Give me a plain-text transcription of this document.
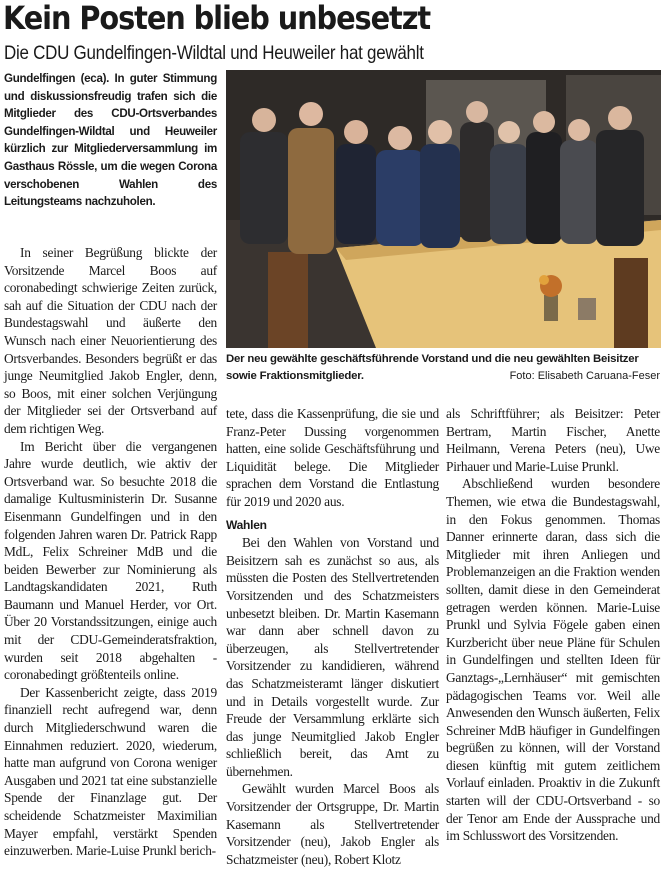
Kein Posten blieb unbesetzt
Die CDU Gundelfingen-Wildtal und Heuweiler hat gewählt
Gundelfingen (eca). In guter Stimmung und diskussionsfreudig trafen sich die Mitglieder des CDU-Ortsverbandes Gundelfingen-Wildtal und Heuweiler kürzlich zur Mitgliederversammlung im Gasthaus Rössle, um die wegen Corona verschobenen Wahlen des Leitungsteams nachzuholen.

In seiner Begrüßung blickte der Vorsitzende Marcel Boos auf coronabedingt schwierige Zeiten zurück, sah auf die Situation der CDU nach der Bundestagswahl und äußerte den Wunsch nach einer Neuorientierung des Ortsverbandes. Besonders begrüßt er das junge Neumitglied Jakob Engler, denn, so Boos, mit einer solchen Verjüngung der Mitglieder sei der Ortsverband auf dem richtigen Weg.

Im Bericht über die vergangenen Jahre wurde deutlich, wie aktiv der Ortsverband war. So besuchte 2018 die damalige Kultusministerin Dr. Susanne Eisenmann Gundelfingen und in den folgenden Jahren waren Dr. Patrick Rapp MdL, Felix Schreiner MdB und die beiden Bewerber zur Nominierung als Landtagskandidaten 2021, Ruth Baumann und Manuel Herder, vor Ort. Über 20 Vorstandssitzungen, einige auch mit der CDU-Gemeinderatsfraktion, wurden seit 2018 abgehalten - coronabedingt größtenteils online.

Der Kassenbericht zeigte, dass 2019 finanziell recht aufregend war, denn durch Mitgliederschwund waren die Einnahmen reduziert. 2020, wiederum, hatte man aufgrund von Corona weniger Ausgaben und 2021 tat eine substanzielle Spende der Finanzlage gut. Der scheidende Schatzmeister Maximilian Mayer empfahl, verstärkt Spenden einzuwerben. Marie-Luise Prunkl berich-

Der neu gewählte geschäftsführende Vorstand und die neu gewählten Beisitzer sowie Fraktionsmitglieder.	Foto: Elisabeth Caruana-Feser

tete, dass die Kassenprüfung, die sie und Franz-Peter Dussing vorgenommen hatten, eine solide Geschäftsführung und Liquidität belege. Die Mitglieder sprachen dem Vorstand die Entlastung für 2019 und 2020 aus.

Wahlen

Bei den Wahlen von Vorstand und Beisitzern sah es zunächst so aus, als müssten die Posten des Stellvertretenden Vorsitzenden und des Schatzmeisters unbesetzt bleiben. Dr. Martin Kasemann war dann aber schnell davon zu überzeugen, als Stellvertretender Vorsitzender zu kandidieren, während das Schatzmeisteramt länger diskutiert und in Details vorgestellt wurde. Zur Freude der Versammlung erklärte sich das junge Neumitglied Jakob Engler schließlich bereit, das Amt zu übernehmen.

Gewählt wurden Marcel Boos als Vorsitzender der Ortsgruppe, Dr. Martin Kasemann als Stellvertretender Vorsitzender (neu), Jakob Engler als Schatzmeister (neu), Robert Klotz

als Schriftführer; als Beisitzer: Peter Bertram, Martin Fischer, Anette Heilmann, Verena Peters (neu), Uwe Pirhauer und Marie-Luise Prunkl.

Abschließend wurden besondere Themen, wie etwa die Bundestagswahl, in den Fokus genommen. Thomas Danner erinnerte daran, dass sich die Mitglieder mit ihren Anliegen und Problemanzeigen an die Fraktion wenden sollten, damit diese in den Gemeinderat getragen werden können. Marie-Luise Prunkl und Sylvia Fögele gaben einen Kurzbericht über neue Pläne für Schulen in Gundelfingen und stellten Ideen für Ganztags-„Lernhäuser“ mit gemischten pädagogischen Teams vor. Weil alle Anwesenden den Wunsch äußerten, Felix Schreiner MdB häufiger in Gundelfingen begrüßen zu können, will der Vorstand diesen künftig mit gutem zeitlichem Vorlauf einladen. Proaktiv in die Zukunft starten will der CDU-Ortsverband - so der Tenor am Ende der Aussprache und im Schlusswort des Vorsitzenden.
